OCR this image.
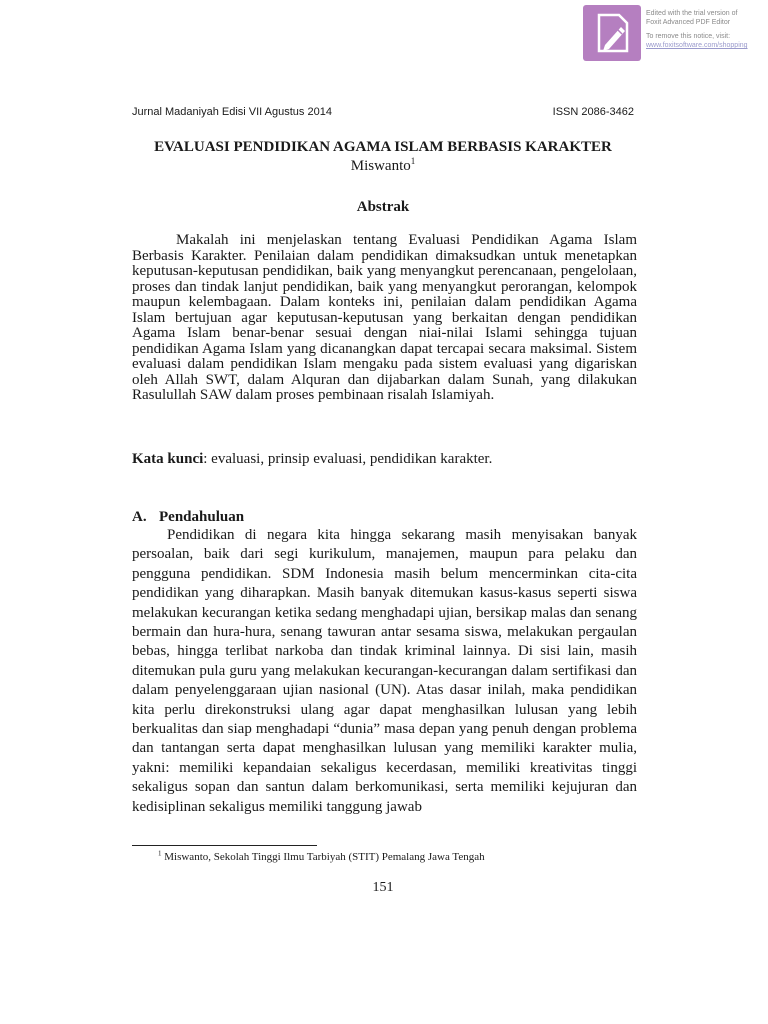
Edited with the trial version of
Foxit Advanced PDF Editor
To remove this notice, visit:
www.foxitsoftware.com/shopping
Jurnal Madaniyah Edisi VII Agustus 2014	ISSN 2086-3462
EVALUASI PENDIDIKAN AGAMA ISLAM BERBASIS KARAKTER
Miswanto$^1$
Abstrak
Makalah ini menjelaskan tentang Evaluasi Pendidikan Agama Islam Berbasis Karakter. Penilaian dalam pendidikan dimaksudkan untuk menetapkan keputusan-keputusan pendidikan, baik yang menyangkut perencanaan, pengelolaan, proses dan tindak lanjut pendidikan, baik yang menyangkut perorangan, kelompok maupun kelembagaan. Dalam konteks ini, penilaian dalam pendidikan Agama Islam bertujuan agar keputusan-keputusan yang berkaitan dengan pendidikan Agama Islam benar-benar sesuai dengan niai-nilai Islami sehingga tujuan pendidikan Agama Islam yang dicanangkan dapat tercapai secara maksimal. Sistem evaluasi dalam pendidikan Islam mengaku pada sistem evaluasi yang digariskan oleh Allah SWT, dalam Alquran dan dijabarkan dalam Sunah, yang dilakukan Rasulullah SAW dalam proses pembinaan risalah Islamiyah.
Kata kunci: evaluasi, prinsip evaluasi, pendidikan karakter.
A. Pendahuluan
Pendidikan di negara kita hingga sekarang masih menyisakan banyak persoalan, baik dari segi kurikulum, manajemen, maupun para pelaku dan pengguna pendidikan. SDM Indonesia masih belum mencerminkan cita-cita pendidikan yang diharapkan. Masih banyak ditemukan kasus-kasus seperti siswa melakukan kecurangan ketika sedang menghadapi ujian, bersikap malas dan senang bermain dan hura-hura, senang tawuran antar sesama siswa, melakukan pergaulan bebas, hingga terlibat narkoba dan tindak kriminal lainnya. Di sisi lain, masih ditemukan pula guru yang melakukan kecurangan-kecurangan dalam sertifikasi dan dalam penyelenggaraan ujian nasional (UN). Atas dasar inilah, maka pendidikan kita perlu direkonstruksi ulang agar dapat menghasilkan lulusan yang lebih berkualitas dan siap menghadapi “dunia” masa depan yang penuh dengan problema dan tantangan serta dapat menghasilkan lulusan yang memiliki karakter mulia, yakni: memiliki kepandaian sekaligus kecerdasan, memiliki kreativitas tinggi sekaligus sopan dan santun dalam berkomunikasi, serta memiliki kejujuran dan kedisiplinan sekaligus memiliki tanggung jawab
$^1$ Miswanto, Sekolah Tinggi Ilmu Tarbiyah (STIT) Pemalang Jawa Tengah
151
